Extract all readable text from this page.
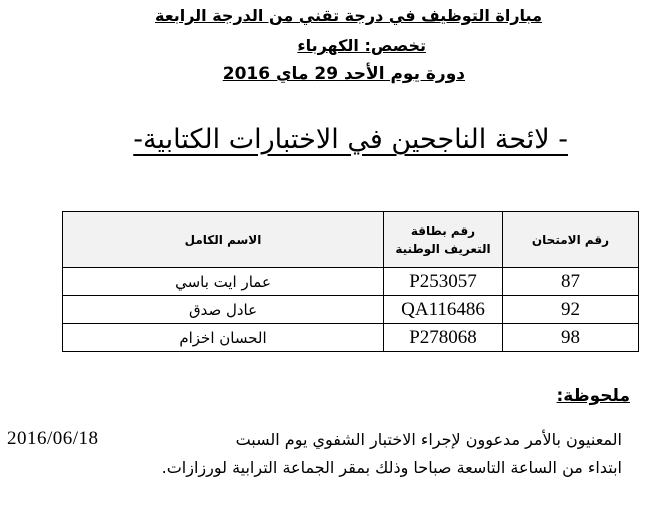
مباراة التوظيف في درجة تقني من الدرجة الرابعة
تخصص: الكهرباء
دورة يوم الأحد 29 ماي 2016
- لائحة الناجحين في الاختبارات الكتابية-
رقم الامتحان	رقم بطاقة التعريف الوطنية	الاسم الكامل
87	P253057	عمار ايت باسي
92	QA116486	عادل صدق
98	P278068	الحسان اخزام
ملحوظة:
المعنيون بالأمر مدعوون لإجراء الاختبار الشفوي يوم السبت
2016/06/18
ابتداء من الساعة التاسعة صباحا وذلك بمقر الجماعة الترابية لورزازات.
